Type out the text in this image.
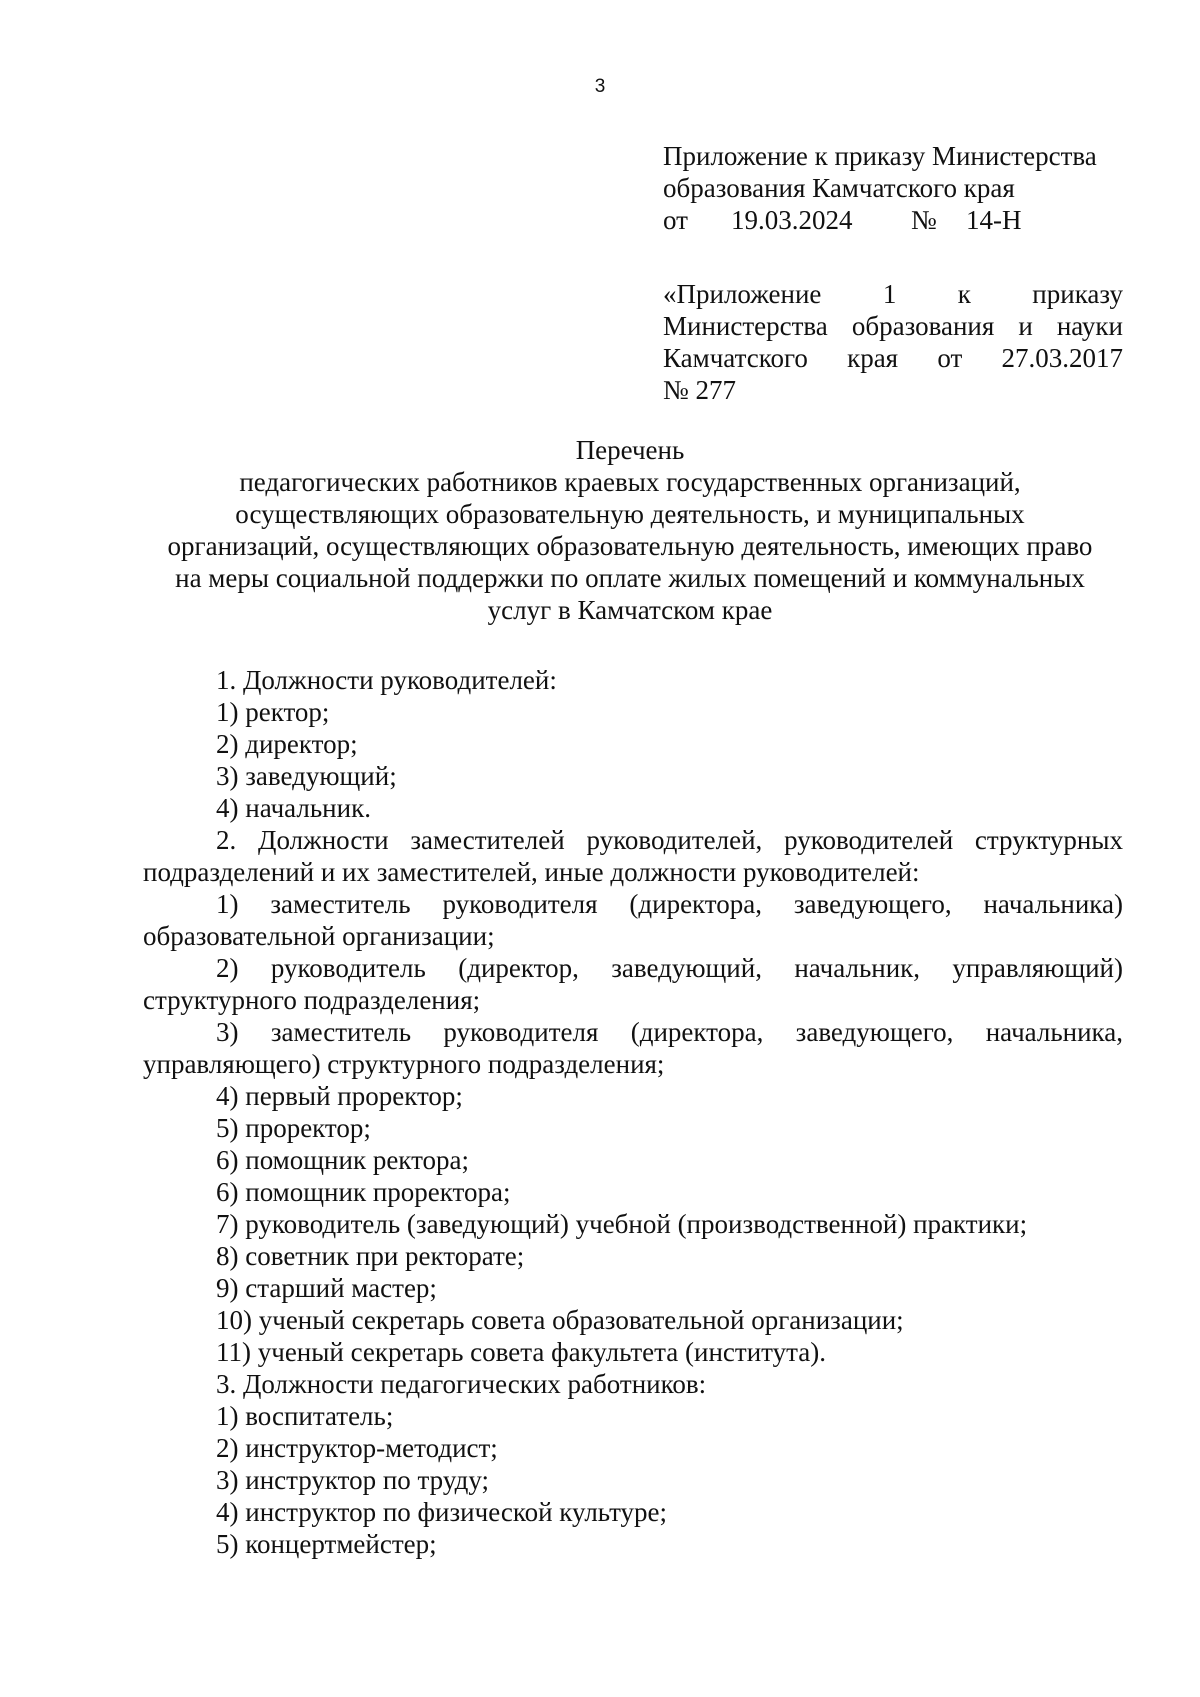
3
Приложение к приказу Министерства
образования Камчатского края
от 19.03.2024 № 14-Н
«Приложение 1 к приказу
Министерства образования и науки
Камчатского края от 27.03.2017
№ 277
Перечень
педагогических работников краевых государственных организаций,
осуществляющих образовательную деятельность, и муниципальных
организаций, осуществляющих образовательную деятельность, имеющих право
на меры социальной поддержки по оплате жилых помещений и коммунальных
услуг в Камчатском крае
1. Должности руководителей:
1) ректор;
2) директор;
3) заведующий;
4) начальник.
2. Должности заместителей руководителей, руководителей структурных
подразделений и их заместителей, иные должности руководителей:
1) заместитель руководителя (директора, заведующего, начальника)
образовательной организации;
2) руководитель (директор, заведующий, начальник, управляющий)
структурного подразделения;
3) заместитель руководителя (директора, заведующего, начальника,
управляющего) структурного подразделения;
4) первый проректор;
5) проректор;
6) помощник ректора;
6) помощник проректора;
7) руководитель (заведующий) учебной (производственной) практики;
8) советник при ректорате;
9) старший мастер;
10) ученый секретарь совета образовательной организации;
11) ученый секретарь совета факультета (института).
3. Должности педагогических работников:
1) воспитатель;
2) инструктор-методист;
3) инструктор по труду;
4) инструктор по физической культуре;
5) концертмейстер;
